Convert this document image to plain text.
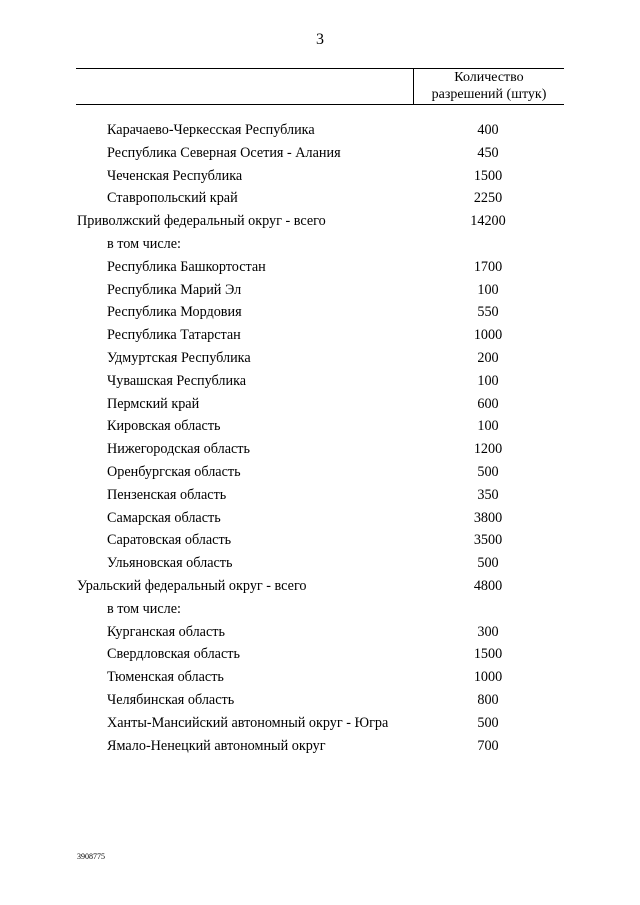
3
Количество
разрешений (штук)
Карачаево-Черкесская Республика	400
Республика Северная Осетия - Алания	450
Чеченская Республика	1500
Ставропольский край	2250
Приволжский федеральный округ - всего	14200
в том числе:
Республика Башкортостан	1700
Республика Марий Эл	100
Республика Мордовия	550
Республика Татарстан	1000
Удмуртская Республика	200
Чувашская Республика	100
Пермский край	600
Кировская область	100
Нижегородская область	1200
Оренбургская область	500
Пензенская область	350
Самарская область	3800
Саратовская область	3500
Ульяновская область	500
Уральский федеральный округ - всего	4800
в том числе:
Курганская область	300
Свердловская область	1500
Тюменская область	1000
Челябинская область	800
Ханты-Мансийский автономный округ - Югра	500
Ямало-Ненецкий автономный округ	700
3908775
